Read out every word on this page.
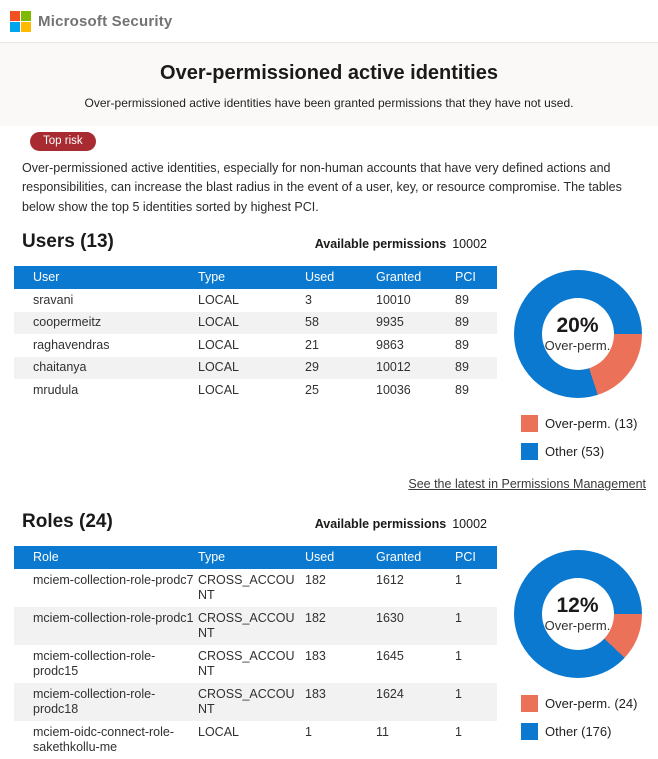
Microsoft Security
Over-permissioned active identities

Over-permissioned active identities have been granted permissions that they have not used.

Top risk

Over-permissioned active identities, especially for non-human accounts that have very defined actions and responsibilities, can increase the blast radius in the event of a user, key, or resource compromise. The tables below show the top 5 identities sorted by highest PCI.

Users (13)	Available permissions 10002
User	Type	Used	Granted	PCI
sravani	LOCAL	3	10010	89
coopermeitz	LOCAL	58	9935	89
raghavendras	LOCAL	21	9863	89
chaitanya	LOCAL	29	10012	89
mrudula	LOCAL	25	10036	89
20%
Over-perm.
Over-perm. (13)
Other (53)
See the latest in Permissions Management
Roles (24)	Available permissions 10002
Role	Type	Used	Granted	PCI
mciem-collection-role-prodc7	CROSS_ACCOUNT	182	1612	1
mciem-collection-role-prodc1	CROSS_ACCOUNT	182	1630	1
mciem-collection-role-prodc15	CROSS_ACCOUNT	183	1645	1
mciem-collection-role-prodc18	CROSS_ACCOUNT	183	1624	1
mciem-oidc-connect-role-sakethkollu-me	LOCAL	1	11	1
12%
Over-perm.
Over-perm. (24)
Other (176)
